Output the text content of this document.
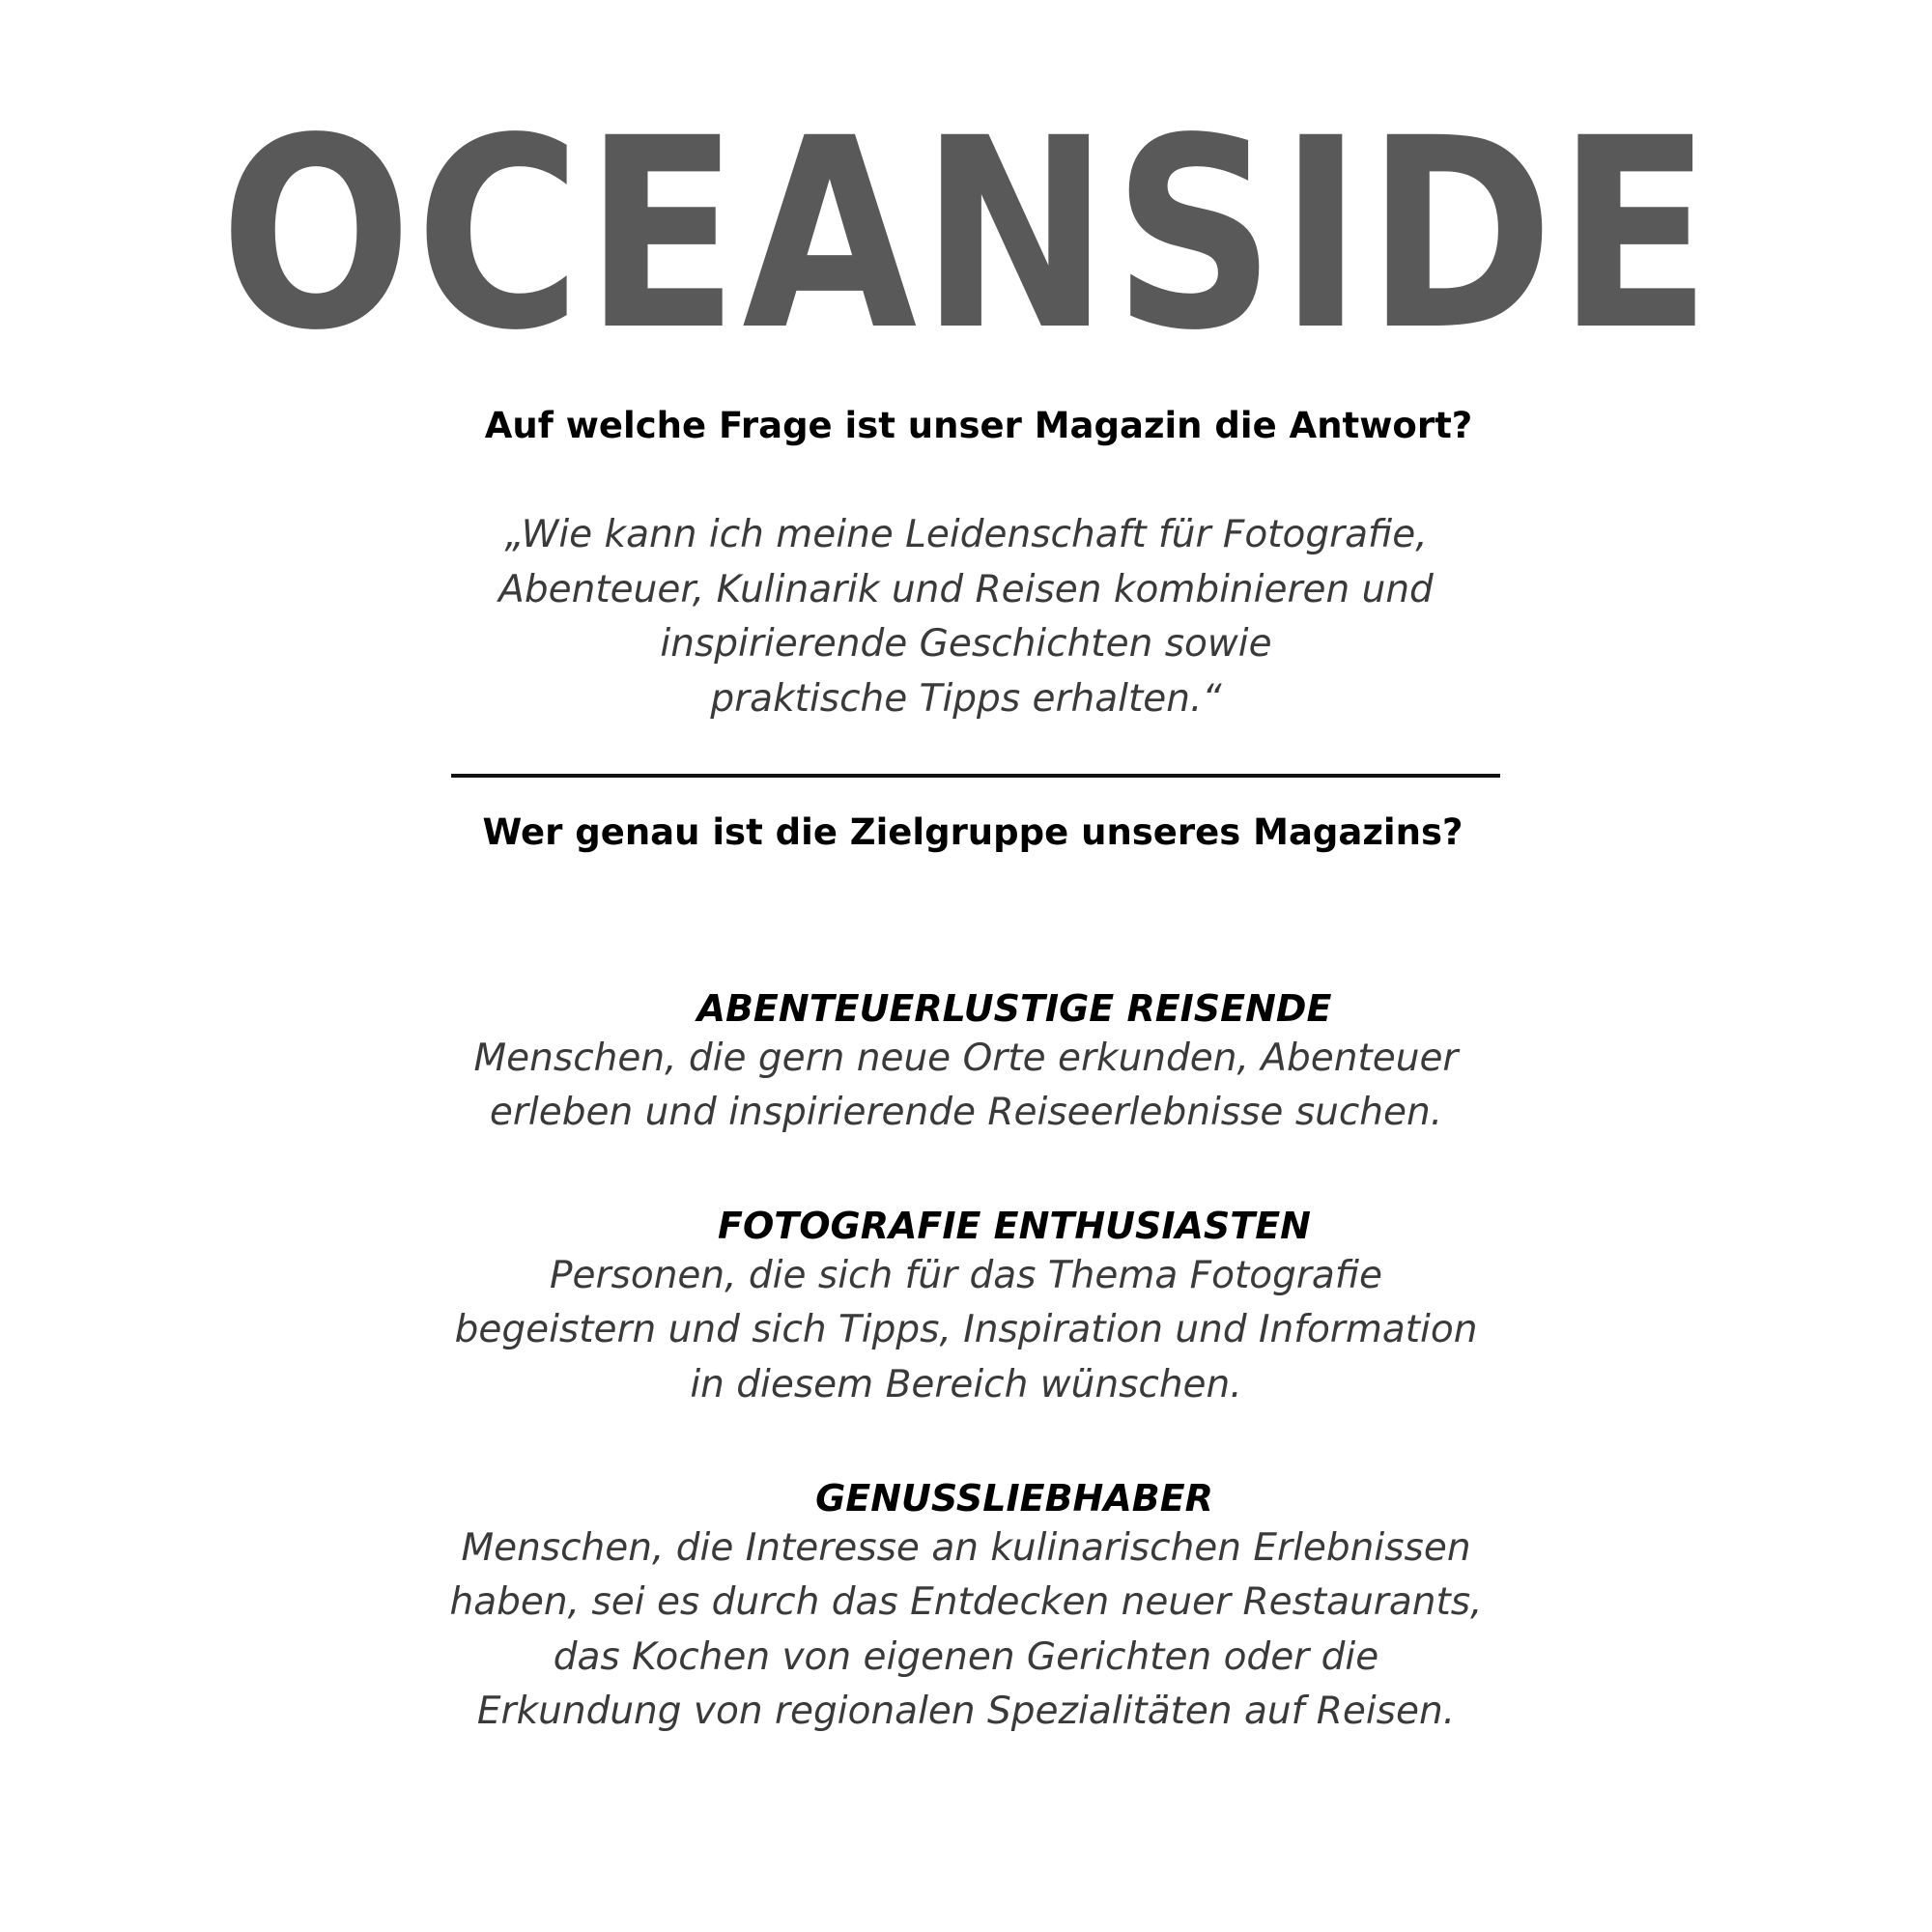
OCEANSIDE
Auf welche Frage ist unser Magazin die Antwort?
„Wie kann ich meine Leidenschaft für Fotografie,
Abenteuer, Kulinarik und Reisen kombinieren und
inspirierende Geschichten sowie
praktische Tipps erhalten.“
Wer genau ist die Zielgruppe unseres Magazins?
ABENTEUERLUSTIGE REISENDE

Menschen, die gern neue Orte erkunden, Abenteuer
erleben und inspirierende Reiseerlebnisse suchen.

FOTOGRAFIE ENTHUSIASTEN

Personen, die sich für das Thema Fotografie
begeistern und sich Tipps, Inspiration und Information
in diesem Bereich wünschen.

GENUSSLIEBHABER

Menschen, die Interesse an kulinarischen Erlebnissen
haben, sei es durch das Entdecken neuer Restaurants,
das Kochen von eigenen Gerichten oder die
Erkundung von regionalen Spezialitäten auf Reisen.
